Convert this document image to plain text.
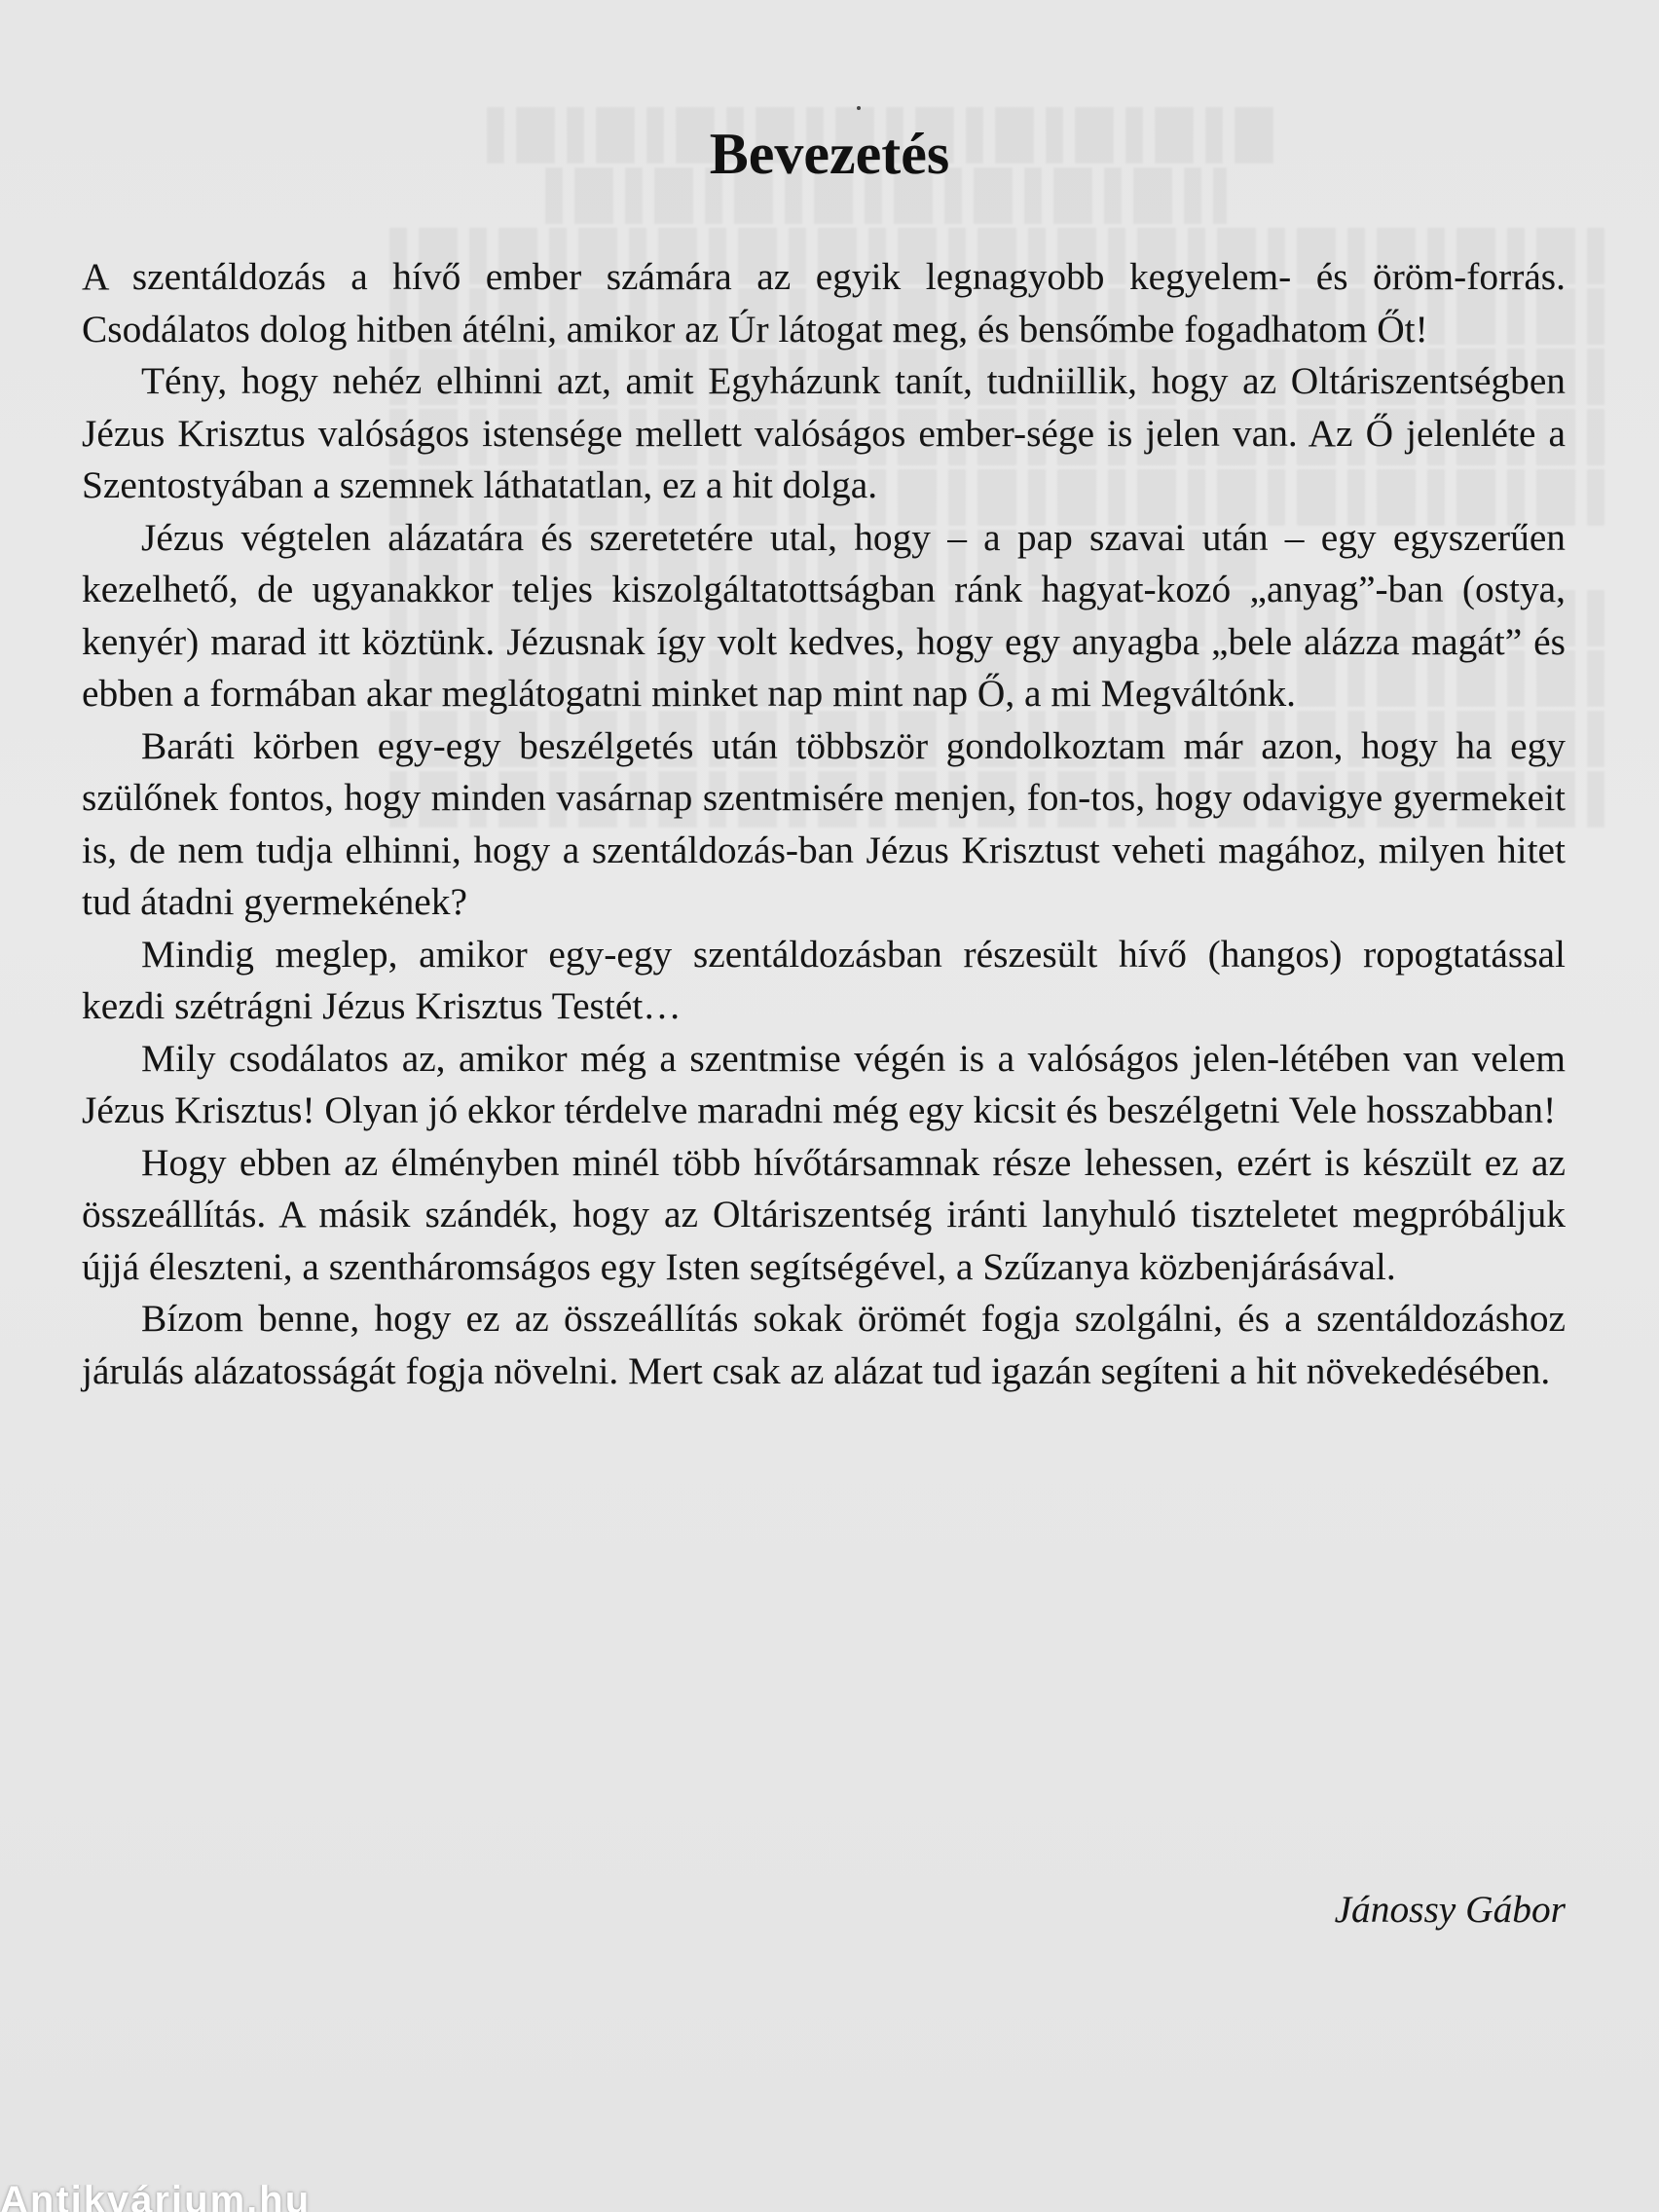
Bevezetés

A szentáldozás a hívő ember számára az egyik legnagyobb kegyelem- és öröm-forrás. Csodálatos dolog hitben átélni, amikor az Úr látogat meg, és bensőmbe fogadhatom Őt!

Tény, hogy nehéz elhinni azt, amit Egyházunk tanít, tudniillik, hogy az Oltáriszentségben Jézus Krisztus valóságos istensége mellett valóságos ember-sége is jelen van. Az Ő jelenléte a Szentostyában a szemnek láthatatlan, ez a hit dolga.

Jézus végtelen alázatára és szeretetére utal, hogy – a pap szavai után – egy egyszerűen kezelhető, de ugyanakkor teljes kiszolgáltatottságban ránk hagyat-kozó „anyag”-ban (ostya, kenyér) marad itt köztünk. Jézusnak így volt kedves, hogy egy anyagba „bele alázza magát” és ebben a formában akar meglátogatni minket nap mint nap Ő, a mi Megváltónk.

Baráti körben egy-egy beszélgetés után többször gondolkoztam már azon, hogy ha egy szülőnek fontos, hogy minden vasárnap szentmisére menjen, fon-tos, hogy odavigye gyermekeit is, de nem tudja elhinni, hogy a szentáldozás-ban Jézus Krisztust veheti magához, milyen hitet tud átadni gyermekének?

Mindig meglep, amikor egy-egy szentáldozásban részesült hívő (hangos) ropogtatással kezdi szétrágni Jézus Krisztus Testét…

Mily csodálatos az, amikor még a szentmise végén is a valóságos jelen-létében van velem Jézus Krisztus! Olyan jó ekkor térdelve maradni még egy kicsit és beszélgetni Vele hosszabban!

Hogy ebben az élményben minél több hívőtársamnak része lehessen, ezért is készült ez az összeállítás. A másik szándék, hogy az Oltáriszentség iránti lanyhuló tiszteletet megpróbáljuk újjá éleszteni, a szentháromságos egy Isten segítségével, a Szűzanya közbenjárásával.

Bízom benne, hogy ez az összeállítás sokak örömét fogja szolgálni, és a szentáldozáshoz járulás alázatosságát fogja növelni. Mert csak az alázat tud igazán segíteni a hit növekedésében.

Jánossy Gábor

Antikvárium.hu
